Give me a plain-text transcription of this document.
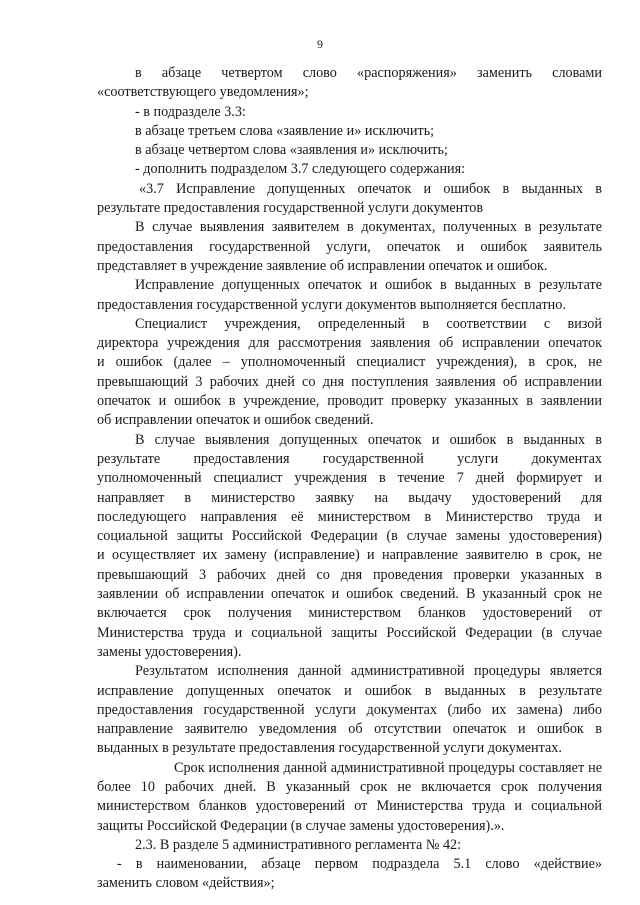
9
в абзаце четвертом слово «распоряжения» заменить словами
«соответствующего уведомления»;
- в подразделе 3.3:
в абзаце третьем слова «заявление и» исключить;
в абзаце четвертом слова «заявления и» исключить;
- дополнить подразделом 3.7 следующего содержания:
«3.7 Исправление допущенных опечаток и ошибок в выданных в
результате предоставления государственной услуги документов
В случае выявления заявителем в документах, полученных в результате
предоставления государственной услуги, опечаток и ошибок заявитель
представляет в учреждение заявление об исправлении опечаток и ошибок.
Исправление допущенных опечаток и ошибок в выданных в результате
предоставления государственной услуги документов выполняется бесплатно.
Специалист учреждения, определенный в соответствии с визой
директора учреждения для рассмотрения заявления об исправлении опечаток
и ошибок (далее – уполномоченный специалист учреждения), в срок, не
превышающий 3 рабочих дней со дня поступления заявления об исправлении
опечаток и ошибок в учреждение, проводит проверку указанных в заявлении
об исправлении опечаток и ошибок сведений.
В случае выявления допущенных опечаток и ошибок в выданных в
результате предоставления государственной услуги документах
уполномоченный специалист учреждения в течение 7 дней формирует и
направляет в министерство заявку на выдачу удостоверений для
последующего направления её министерством в Министерство труда и
социальной защиты Российской Федерации (в случае замены удостоверения)
и осуществляет их замену (исправление) и направление заявителю в срок, не
превышающий 3 рабочих дней со дня проведения проверки указанных в
заявлении об исправлении опечаток и ошибок сведений. В указанный срок не
включается срок получения министерством бланков удостоверений от
Министерства труда и социальной защиты Российской Федерации (в случае
замены удостоверения).
Результатом исполнения данной административной процедуры является
исправление допущенных опечаток и ошибок в выданных в результате
предоставления государственной услуги документах (либо их замена) либо
направление заявителю уведомления об отсутствии опечаток и ошибок в
выданных в результате предоставления государственной услуги документах.
Срок исполнения данной административной процедуры составляет не
более 10 рабочих дней. В указанный срок не включается срок получения
министерством бланков удостоверений от Министерства труда и социальной
защиты Российской Федерации (в случае замены удостоверения).».
2.3. В разделе 5 административного регламента № 42:
- в наименовании, абзаце первом подраздела 5.1 слово «действие»
заменить словом «действия»;
